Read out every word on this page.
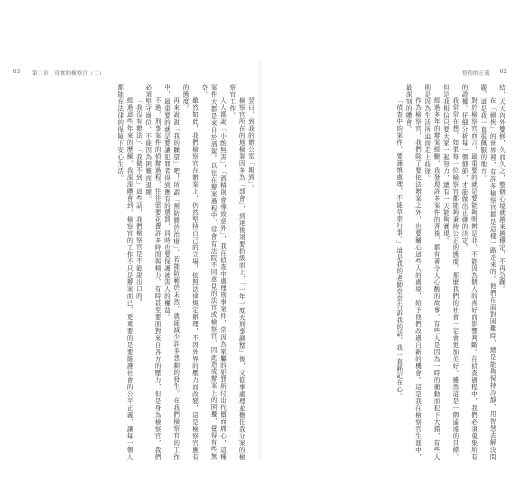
63 第二章　真實的檢察官（二）

翌日，到我的辦公室「報到」。

檢察官所在的地檢署因多為「部會」，到達後須要拾級而上，「一年一度大刑事調整」後，又從事處理並擔任我分案的檢察官工作。

人人都說「小酌無害」，「酒精則會導致意外」，我在偵查中處理刑事案件，常因為家屬的犯罪所付出代價而痛心，這種案件大都是來自於酒駕。以往在辦案過程中，常會有法院不同意見的法官或檢察官，因此造成辦案上的困擾，覺得有些無奈。

雖然如此，我們檢察官在辦案上，仍然堅持自己的立場，依照法律規定辦理，不因外界的壓力而改變，這是檢察官應有的態度。

再來說說「我的願望」吧！所謂「預防勝於治療」，若能防範於未然，就能減少許多悲劇的發生。在我們檢察官的工作中，最重要的就是要讓犯罪者得到應有的懲罰，同時也要保護被害人的權益。

不過，刑事案件的偵辦過程，往往需要花費許多時間與精力，有時甚至要面對來自各方的壓力，但是身為檢察官，我們必須堅守崗位，不能因為困難而退縮。

「我沒有辦法」、「我做不到」這些話，我們檢察官是不能說出口的。

經過這些年來的歷練，我深深體會到，檢察官的工作不只是辦案而已，更重要的是要維護社會的公平正義，讓每一個人都能在法律的保障下安心生活。

徬徨的正義 62

結，天天內外雙修，久而久之，整個心境就越來越穩定，不再急躁。

在「劍俠」的世界裡，有許多檢察官都是這樣一路走來的。他們在面對困難時，總是能夠保持冷靜，用智慧去解決問題，這是我一直很佩服的地方。

對於檢察官而言，最重要的就是要能夠明辨是非，不能因為個人的喜好而影響判斷。在偵查過程中，我們必須蒐集所有的證據，仔細分析每一個細節，才能做出正確的決定。

我常常在想，如果每一位檢察官都能夠秉持公正的態度，那麼我們的社會一定會更加美好。雖然這是一個遙遠的目標，但是我相信只要大家一起努力，總有一天能夠實現。

經過多年的辦案經驗，我發現許多案件的背後，都有著令人心酸的故事。有些人是因為一時的衝動而犯下大錯，有些人則是因為生活所迫而走上歧途。

作為檢察官，我們除了要依法辦案之外，也要關心這些人的處境，給予他們改過自新的機會。這是我在檢察官生涯中，最深刻的體會。

「偵查中的案件，要謹慎處理，不能草率行事。」這是我的老師常常告訴我的話，我一直銘記在心。
